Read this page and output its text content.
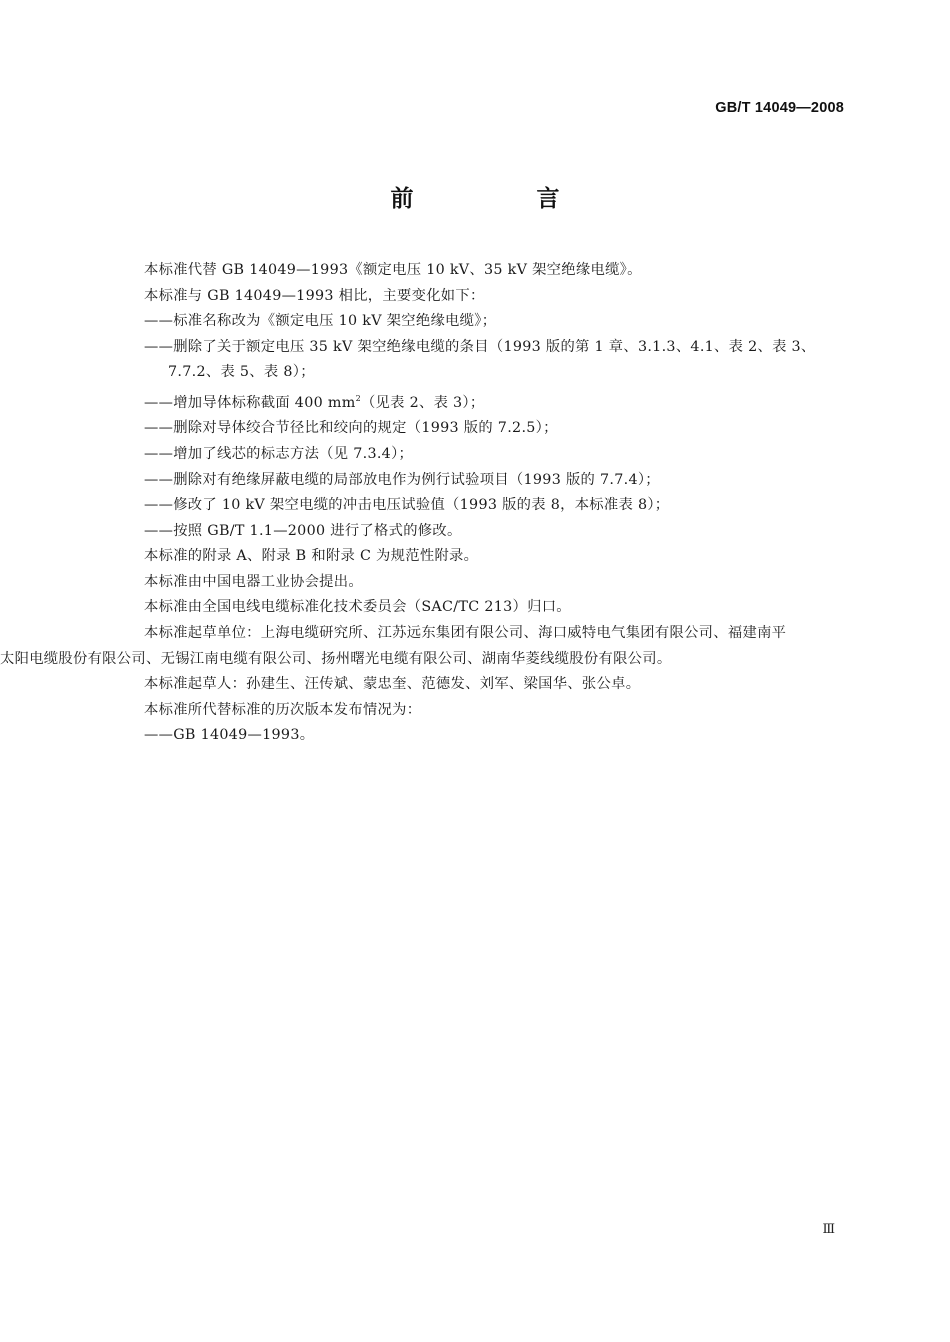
GB/T 14049—2008
前　言

本标准代替 GB 14049—1993《额定电压 10 kV、35 kV 架空绝缘电缆》。

本标准与 GB 14049—1993 相比，主要变化如下：

——标准名称改为《额定电压 10 kV 架空绝缘电缆》；

——删除了关于额定电压 35 kV 架空绝缘电缆的条目（1993 版的第 1 章、3.1.3、4.1、表 2、表 3、7.7.2、表 5、表 8）；

——增加导体标称截面 400 $mm^2$（见表 2、表 3）；

——删除对导体绞合节径比和绞向的规定（1993 版的 7.2.5）；

——增加了线芯的标志方法（见 7.3.4）；

——删除对有绝缘屏蔽电缆的局部放电作为例行试验项目（1993 版的 7.7.4）；

——修改了 10 kV 架空电缆的冲击电压试验值（1993 版的表 8，本标准表 8）；

——按照 GB/T 1.1—2000 进行了格式的修改。

本标准的附录 A、附录 B 和附录 C 为规范性附录。

本标准由中国电器工业协会提出。

本标准由全国电线电缆标准化技术委员会（SAC/TC 213）归口。

本标准起草单位：上海电缆研究所、江苏远东集团有限公司、海口威特电气集团有限公司、福建南平

太阳电缆股份有限公司、无锡江南电缆有限公司、扬州曙光电缆有限公司、湖南华菱线缆股份有限公司。

本标准起草人：孙建生、汪传斌、蒙忠奎、范德发、刘军、梁国华、张公卓。

本标准所代替标准的历次版本发布情况为：

——GB 14049—1993。

Ⅲ
